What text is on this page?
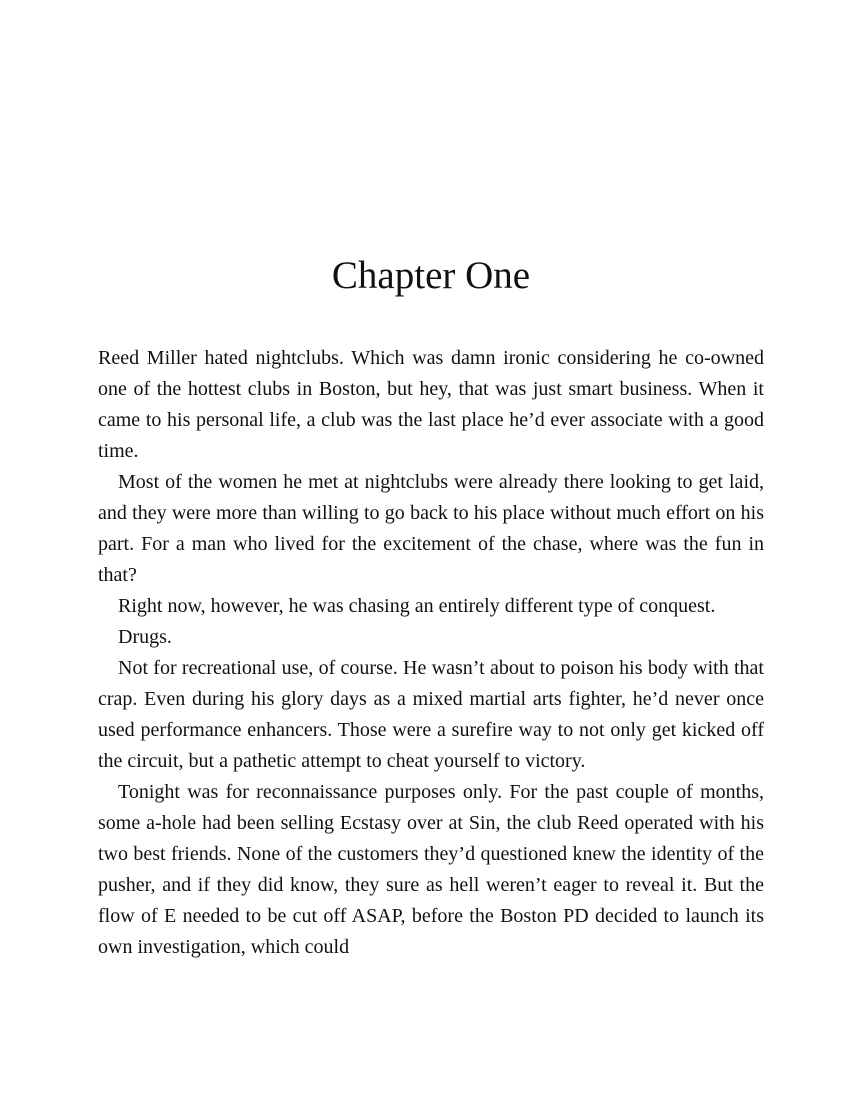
Chapter One

Reed Miller hated nightclubs. Which was damn ironic considering he co-owned one of the hottest clubs in Boston, but hey, that was just smart business. When it came to his personal life, a club was the last place he’d ever associate with a good time.

Most of the women he met at nightclubs were already there looking to get laid, and they were more than willing to go back to his place without much effort on his part. For a man who lived for the excitement of the chase, where was the fun in that?

Right now, however, he was chasing an entirely different type of conquest.

Drugs.

Not for recreational use, of course. He wasn’t about to poison his body with that crap. Even during his glory days as a mixed martial arts fighter, he’d never once used performance enhancers. Those were a surefire way to not only get kicked off the circuit, but a pathetic attempt to cheat yourself to victory.

Tonight was for reconnaissance purposes only. For the past couple of months, some a-hole had been selling Ecstasy over at Sin, the club Reed operated with his two best friends. None of the customers they’d questioned knew the identity of the pusher, and if they did know, they sure as hell weren’t eager to reveal it. But the flow of E needed to be cut off ASAP, before the Boston PD decided to launch its own investigation, which could
